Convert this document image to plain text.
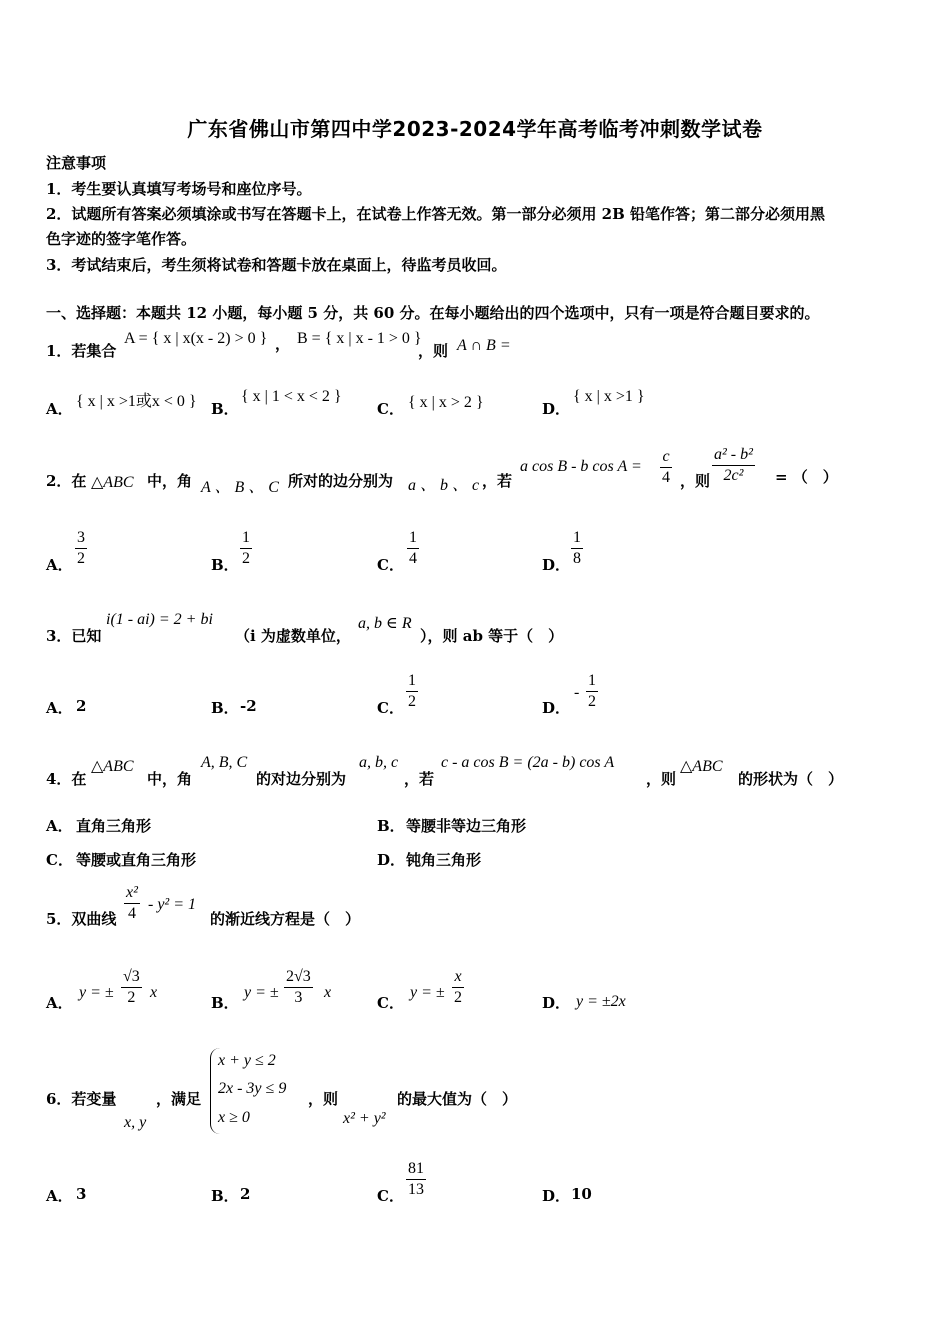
广东省佛山市第四中学2023-2024学年高考临考冲刺数学试卷
注意事项
1．考生要认真填写考场号和座位序号。
2．试题所有答案必须填涂或书写在答题卡上，在试卷上作答无效。第一部分必须用 2B 铅笔作答；第二部分必须用黑
色字迹的签字笔作答。
3．考试结束后，考生须将试卷和答题卡放在桌面上，待监考员收回。
一、选择题：本题共 12 小题，每小题 5 分，共 60 分。在每小题给出的四个选项中，只有一项是符合题目要求的。
1．若集合
A = { x | x(x - 2) > 0 } ， B = { x | x - 1 > 0 }
，则 A ∩ B =
A． { x | x >1或x < 0 } B．
{ x | 1 < x < 2 }
C． { x | x > 2 }	D．
{ x | x >1 }
2．在 △ABC 中，角 A 、 B 、 C 所对的边分别为 a 、 b 、 c ，若
a cos B - b $\cos A = \frac{c}{4}$ ，则 $\frac{\text{a² - b²}}{\text{2c²}}$ = （　）
A． $\frac{3}{2}$	B． $\frac{1}{2}$	C． $\frac{1}{4}$	D． $\frac{1}{8}$
3．已知
i(1 - ai) = 2 + bi
（i 为虚数单位，
a, b ∈ R
），则 ab 等于（　）
A． 2	B． -2	C． $\frac{1}{2}$	D．
- $\frac{1}{2}$
4．在
△ABC
中，角
A, B, C
的对边分别为
a, b, c
，若
c - a cos B = (2a - b) cos A
，则
△ABC
的形状为（　）
A． 直角三角形	B． 等腰非等边三角形
C． 等腰或直角三角形	D． 钝角三角形
5．双曲线 $\frac{\text{x²}}{4} - y^2 = 1$
的渐近线方程是（　）
A．
y = ± $\frac{√3}{2}$ x
B．
y = ± $\frac{2√3}{3}$ x
C．
y = ± $\frac{x}{2}$	D． y = ±2x
6．若变量
x, y
，满足
x + y ≤ 2
2x - 3y ≤ 9
x ≥ 0
，则
x² + y²
的最大值为（　）
A． 3	B． 2	C． $\frac{81}{13}$	D． 10
